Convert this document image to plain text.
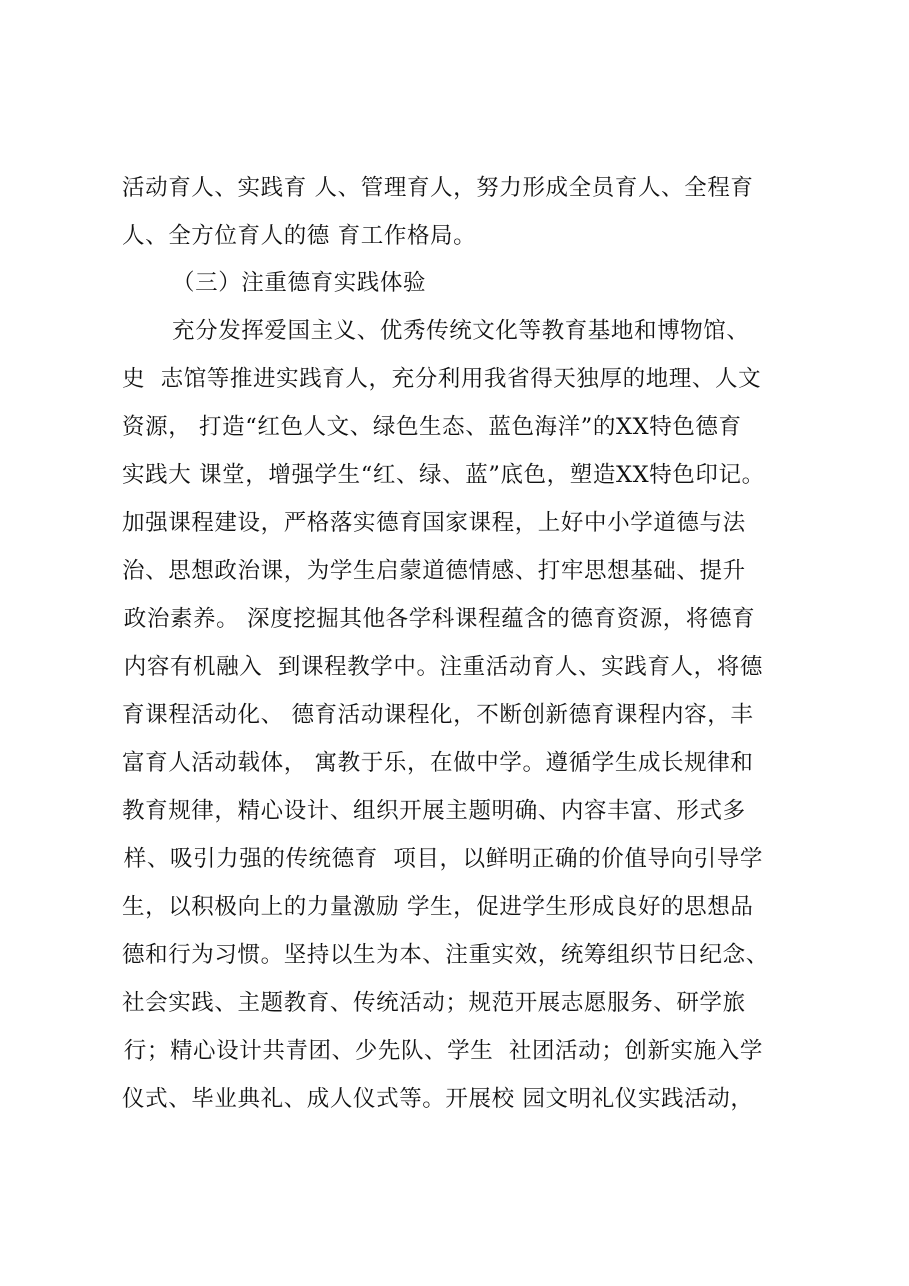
活动育人、实践育 人、管理育人，努力形成全员育人、全程育
人、全方位育人的德 育工作格局。
（三）注重德育实践体验
充分发挥爱国主义、优秀传统文化等教育基地和博物馆、
史  志馆等推进实践育人，充分利用我省得天独厚的地理、人文
资源， 打造“红色人文、绿色生态、蓝色海洋”的XX特色德育
实践大 课堂，增强学生“红、绿、蓝”底色，塑造XX特色印记。
加强课程建设，严格落实德育国家课程，上好中小学道德与法
治、思想政治课，为学生启蒙道德情感、打牢思想基础、提升
政治素养。 深度挖掘其他各学科课程蕴含的德育资源，将德育
内容有机融入  到课程教学中。注重活动育人、实践育人，将德
育课程活动化、 德育活动课程化，不断创新德育课程内容，丰
富育人活动载体， 寓教于乐，在做中学。遵循学生成长规律和
教育规律，精心设计、组织开展主题明确、内容丰富、形式多
样、吸引力强的传统德育  项目，以鲜明正确的价值导向引导学
生，以积极向上的力量激励 学生，促进学生形成良好的思想品
德和行为习惯。坚持以生为本、注重实效，统筹组织节日纪念、
社会实践、主题教育、传统活动；规范开展志愿服务、研学旅
行；精心设计共青团、少先队、学生  社团活动；创新实施入学
仪式、毕业典礼、成人仪式等。开展校 园文明礼仪实践活动，
